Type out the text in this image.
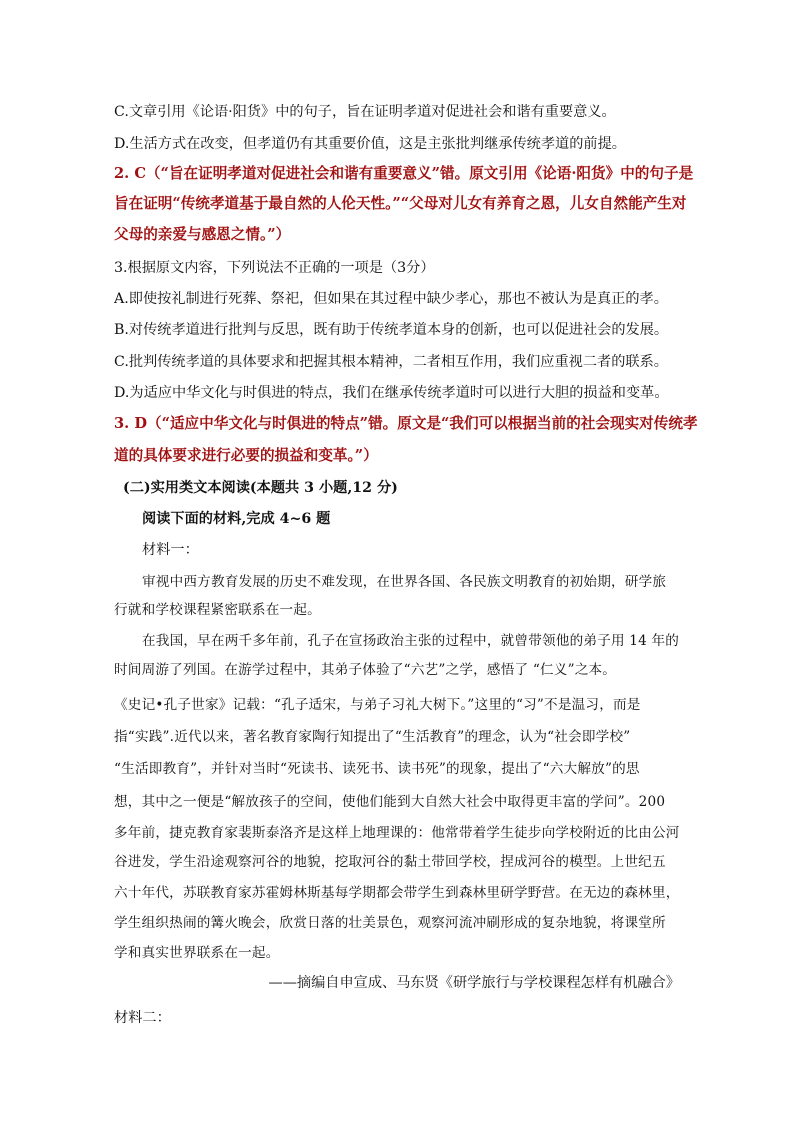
C.文章引用《论语·阳货》中的句子，旨在证明孝道对促进社会和谐有重要意义。
D.生活方式在改变，但孝道仍有其重要价值，这是主张批判继承传统孝道的前提。
2. C（“旨在证明孝道对促进社会和谐有重要意义”错。原文引用《论语·阳货》中的句子是
旨在证明“传统孝道基于最自然的人伦天性。”“父母对儿女有养育之恩，儿女自然能产生对
父母的亲爱与感恩之情。”）
3.根据原文内容，下列说法不正确的一项是（3分）
A.即使按礼制进行死葬、祭祀，但如果在其过程中缺少孝心，那也不被认为是真正的孝。
B.对传统孝道进行批判与反思，既有助于传统孝道本身的创新，也可以促进社会的发展。
C.批判传统孝道的具体要求和把握其根本精神，二者相互作用，我们应重视二者的联系。
D.为适应中华文化与时俱进的特点，我们在继承传统孝道时可以进行大胆的损益和变革。
3. D（“适应中华文化与时俱进的特点”错。原文是“我们可以根据当前的社会现实对传统孝
道的具体要求进行必要的损益和变革。”）
(二)实用类文本阅读(本题共 3 小题,12 分)
阅读下面的材料,完成 4~6 题
材料一：
审视中西方教育发展的历史不难发现，在世界各国、各民族文明教育的初始期，研学旅
行就和学校课程紧密联系在一起。
在我国，早在两千多年前，孔子在宣扬政治主张的过程中，就曾带领他的弟子用 14 年的
时间周游了列国。在游学过程中，其弟子体验了“六艺”之学，感悟了 “仁义”之本。
《史记•孔子世家》记载：“孔子适宋，与弟子习礼大树下。”这里的“习”不是温习，而是
指“实践”.近代以来，著名教育家陶行知提出了“生活教育”的理念，认为“社会即学校”
“生活即教育”，并针对当时“死读书、读死书、读书死”的现象，提出了“六大解放”的思
想，其中之一便是“解放孩子的空间，使他们能到大自然大社会中取得更丰富的学问”。200
多年前，捷克教育家裴斯泰洛齐是这样上地理课的：他常带着学生徒步向学校附近的比由公河
谷进发，学生沿途观察河谷的地貌，挖取河谷的黏土带回学校，捏成河谷的模型。上世纪五
六十年代，苏联教育家苏霍姆林斯基每学期都会带学生到森林里研学野营。在无边的森林里，
学生组织热闹的篝火晚会，欣赏日落的壮美景色，观察河流冲刷形成的复杂地貌，将课堂所
学和真实世界联系在一起。
——摘编自申宣成、马东贤《研学旅行与学校课程怎样有机融合》
材料二：
